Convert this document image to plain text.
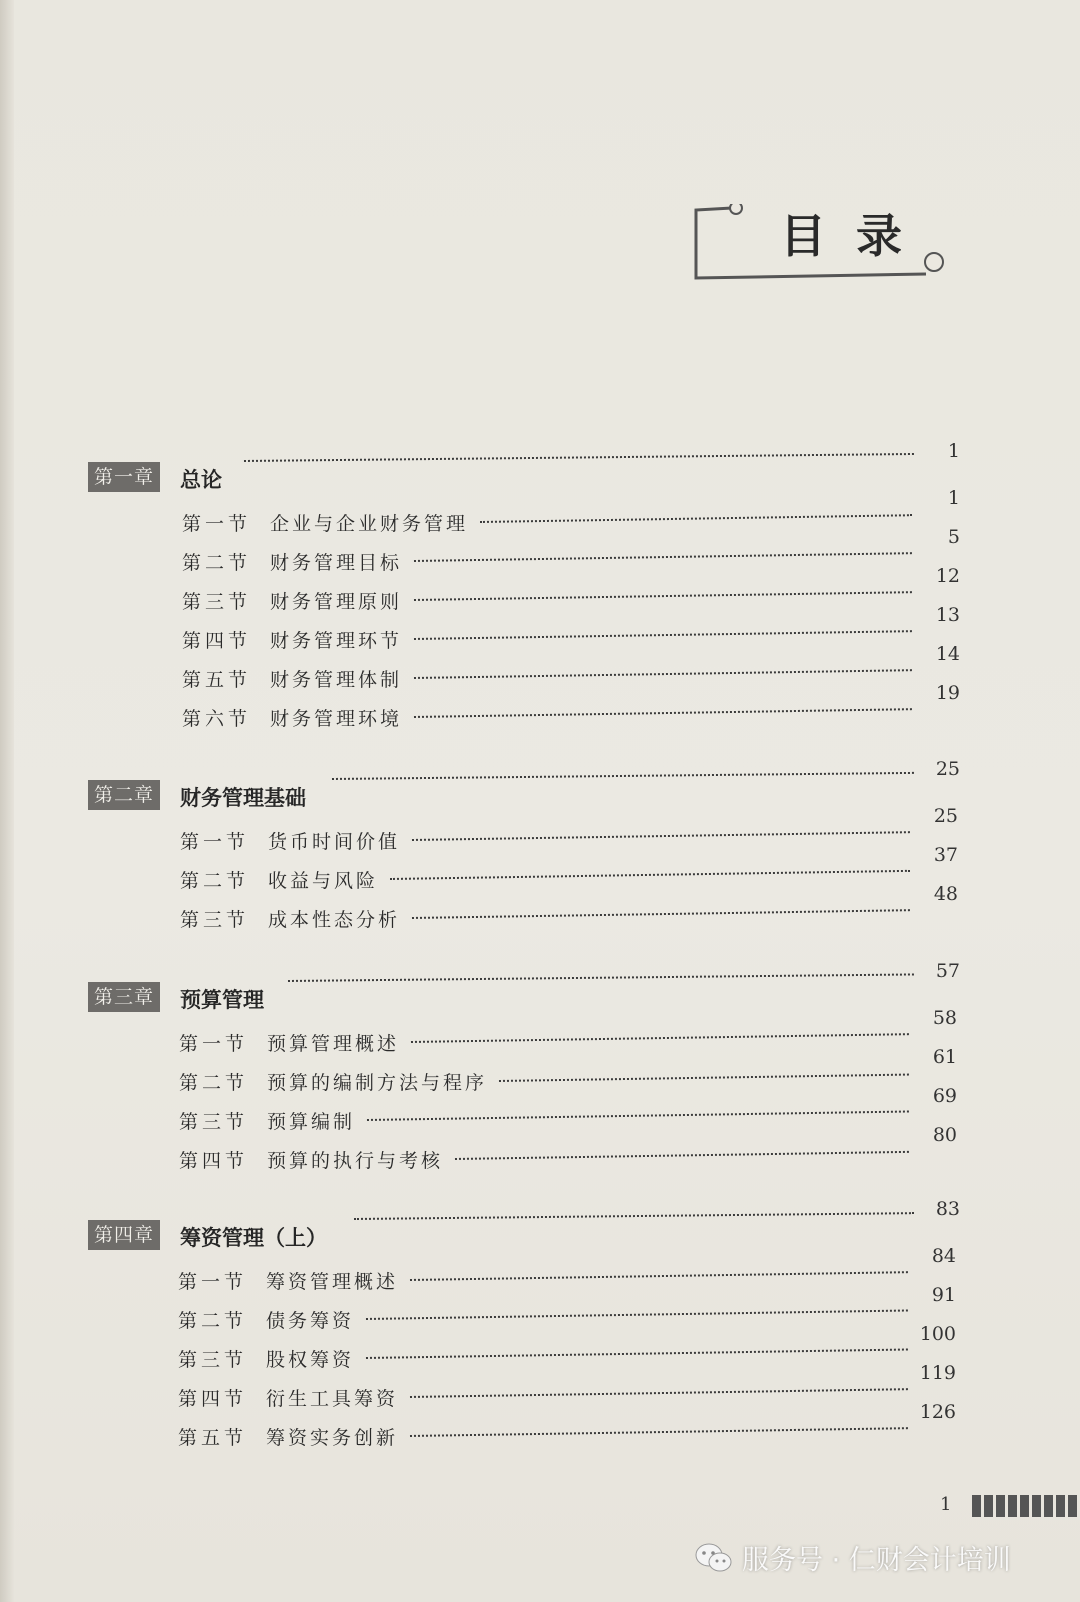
目录
1
第一章 总论
1
第一节 企业与企业财务管理
5
第二节 财务管理目标
12
第三节 财务管理原则
13
第四节 财务管理环节
14
第五节 财务管理体制
19
第六节 财务管理环境
25
第二章 财务管理基础
25
第一节 货币时间价值
37
第二节 收益与风险
48
第三节 成本性态分析
57
第三章 预算管理
58
第一节 预算管理概述
61
第二节 预算的编制方法与程序
69
第三节 预算编制
80
第四节 预算的执行与考核
83
第四章 筹资管理（上）
84
第一节 筹资管理概述
91
第二节 债务筹资
100
第三节 股权筹资
119
第四节 衍生工具筹资
126
第五节 筹资实务创新
1
服务号 · 仁财会计培训
